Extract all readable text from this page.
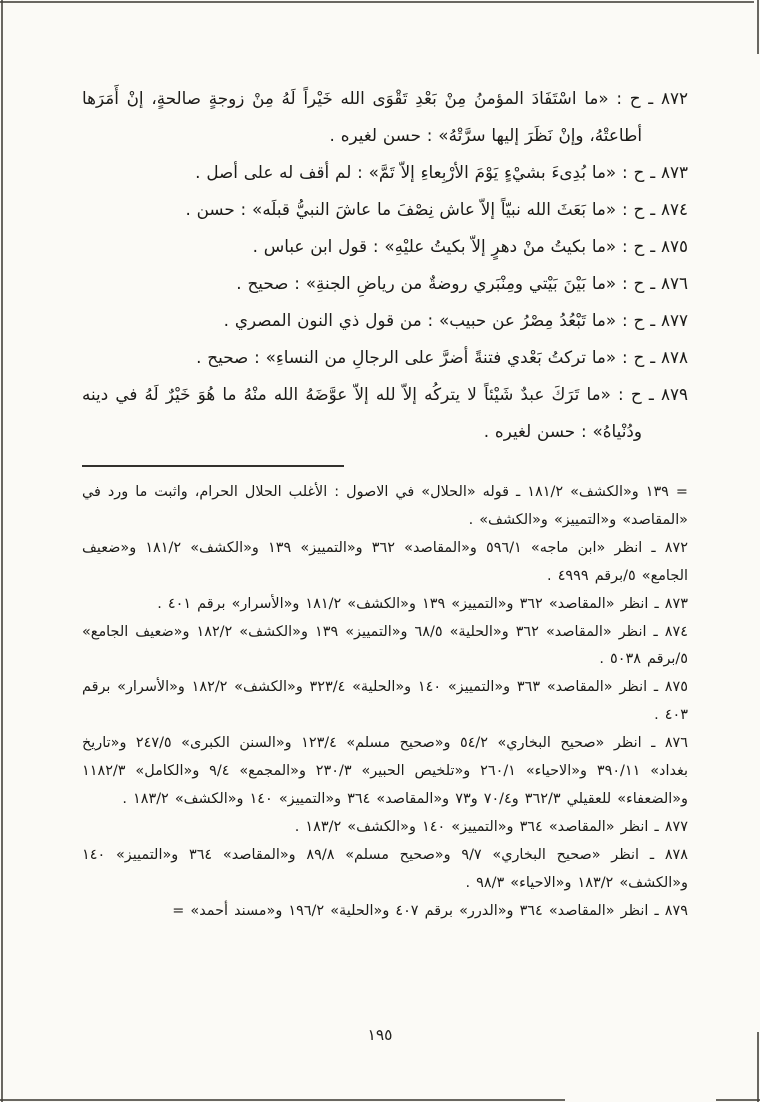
٨٧٢ ـ ح : «ما اسْتَفَادَ المؤمنُ مِنْ بَعْدِ تَقْوَى الله خَيْراً لَهُ مِنْ زوجةٍ صالحةٍ، إنْ أَمَرَها أطاعتْهُ، وإنْ نَظَرَ إليها سرَّتْهُ» : حسن لغيره .

٨٧٣ ـ ح : «ما بُدِىءَ بشيْءٍ يَوْمَ الأرْبِعاءِ إلاّ تَمَّ» : لم أقف له على أصل .

٨٧٤ ـ ح : «ما بَعَثَ الله نبيّاً إلاّ عاش نِصْفَ ما عاشَ النبيُّ قبلَه» : حسن .

٨٧٥ ـ ح : «ما بكيتُ منْ دهرٍ إلاّ بكيتُ عليْهِ» : قول ابن عباس .

٨٧٦ ـ ح : «ما بَيْنَ بَيْتي ومِنْبَري روضةٌ من رياضِ الجنةِ» : صحيح .

٨٧٧ ـ ح : «ما تَبْعُدُ مِصْرُ عن حبيب» : من قول ذي النون المصري .

٨٧٨ ـ ح : «ما تركتُ بَعْدي فتنةً أضرَّ على الرجالِ من النساءِ» : صحيح .

٨٧٩ ـ ح : «ما تَرَكَ عبدٌ شَيْئاً لا يتركُه إلاّ لله إلاّ عوَّضَهُ الله منْهُ ما هُوَ خَيْرٌ لَهُ في دينه ودُنْياهُ» : حسن لغيره .

= ١٣٩ و«الكشف» ١٨١/٢ ـ قوله «الحلال» في الاصول : الأغلب الحلال الحرام، واثبت ما ورد في «المقاصد» و«التمييز» و«الكشف» .

٨٧٢ ـ انظر «ابن ماجه» ٥٩٦/١ و«المقاصد» ٣٦٢ و«التمييز» ١٣٩ و«الكشف» ١٨١/٢ و«ضعيف الجامع» ٥/برقم ٤٩٩٩ .

٨٧٣ ـ انظر «المقاصد» ٣٦٢ و«التمييز» ١٣٩ و«الكشف» ١٨١/٢ و«الأسرار» برقم ٤٠١ .

٨٧٤ ـ انظر «المقاصد» ٣٦٢ و«الحلية» ٦٨/٥ و«التمييز» ١٣٩ و«الكشف» ١٨٢/٢ و«ضعيف الجامع» ٥/برقم ٥٠٣٨ .

٨٧٥ ـ انظر «المقاصد» ٣٦٣ و«التمييز» ١٤٠ و«الحلية» ٣٢٣/٤ و«الكشف» ١٨٢/٢ و«الأسرار» برقم ٤٠٣ .

٨٧٦ ـ انظر «صحيح البخاري» ٥٤/٢ و«صحيح مسلم» ١٢٣/٤ و«السنن الكبرى» ٢٤٧/٥ و«تاريخ بغداد» ٣٩٠/١١ و«الاحياء» ٢٦٠/١ و«تلخيص الحبير» ٢٣٠/٣ و«المجمع» ٩/٤ و«الكامل» ١١٨٢/٣ و«الضعفاء» للعقيلي ٣٦٢/٣ و٧٠/٤ و٧٣ و«المقاصد» ٣٦٤ و«التمييز» ١٤٠ و«الكشف» ١٨٣/٢ .

٨٧٧ ـ انظر «المقاصد» ٣٦٤ و«التمييز» ١٤٠ و«الكشف» ١٨٣/٢ .

٨٧٨ ـ انظر «صحيح البخاري» ٩/٧ و«صحيح مسلم» ٨٩/٨ و«المقاصد» ٣٦٤ و«التمييز» ١٤٠ و«الكشف» ١٨٣/٢ و«الاحياء» ٩٨/٣ .

٨٧٩ ـ انظر «المقاصد» ٣٦٤ و«الدرر» برقم ٤٠٧ و«الحلية» ١٩٦/٢ و«مسند أحمد» =

١٩٥
